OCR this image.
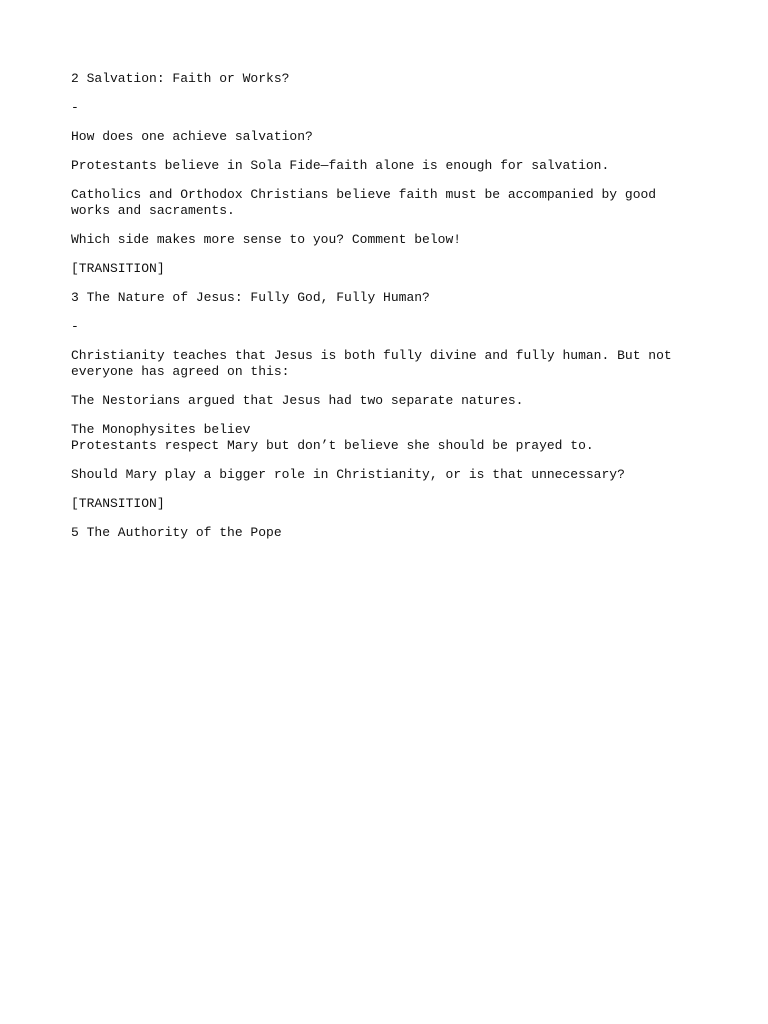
2 Salvation: Faith or Works?

-

How does one achieve salvation?

Protestants believe in Sola Fide—faith alone is enough for salvation.

Catholics and Orthodox Christians believe faith must be accompanied by good works and sacraments.

Which side makes more sense to you? Comment below!

[TRANSITION]

3 The Nature of Jesus: Fully God, Fully Human?

-

Christianity teaches that Jesus is both fully divine and fully human. But not everyone has agreed on this:

The Nestorians argued that Jesus had two separate natures.

The Monophysites believ

Protestants respect Mary but don’t believe she should be prayed to.

Should Mary play a bigger role in Christianity, or is that unnecessary?

[TRANSITION]

5 The Authority of the Pope
